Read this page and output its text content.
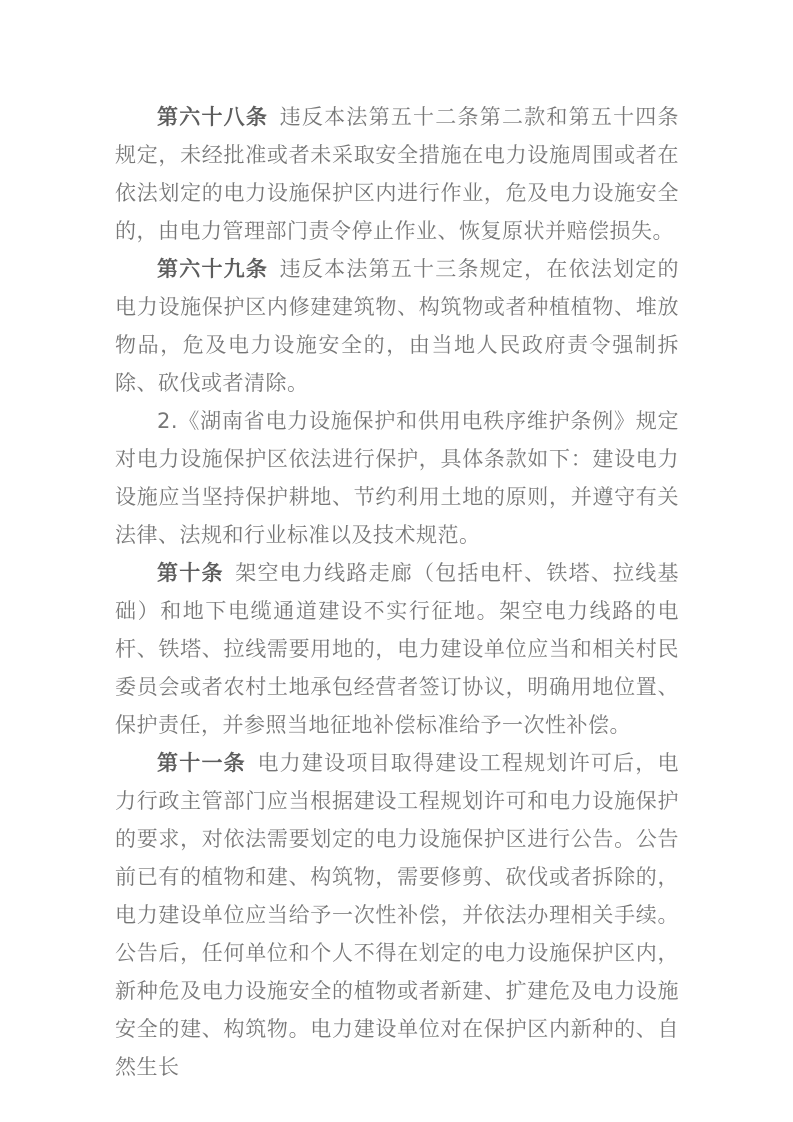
第六十八条 违反本法第五十二条第二款和第五十四条规定，未经批准或者未采取安全措施在电力设施周围或者在依法划定的电力设施保护区内进行作业，危及电力设施安全的，由电力管理部门责令停止作业、恢复原状并赔偿损失。

第六十九条 违反本法第五十三条规定，在依法划定的电力设施保护区内修建建筑物、构筑物或者种植植物、堆放物品，危及电力设施安全的，由当地人民政府责令强制拆除、砍伐或者清除。

2.《湖南省电力设施保护和供用电秩序维护条例》规定对电力设施保护区依法进行保护，具体条款如下：建设电力设施应当坚持保护耕地、节约利用土地的原则，并遵守有关法律、法规和行业标准以及技术规范。

第十条 架空电力线路走廊（包括电杆、铁塔、拉线基础）和地下电缆通道建设不实行征地。架空电力线路的电杆、铁塔、拉线需要用地的，电力建设单位应当和相关村民委员会或者农村土地承包经营者签订协议，明确用地位置、保护责任，并参照当地征地补偿标准给予一次性补偿。

第十一条 电力建设项目取得建设工程规划许可后，电力行政主管部门应当根据建设工程规划许可和电力设施保护的要求，对依法需要划定的电力设施保护区进行公告。公告前已有的植物和建、构筑物，需要修剪、砍伐或者拆除的，电力建设单位应当给予一次性补偿，并依法办理相关手续。公告后，任何单位和个人不得在划定的电力设施保护区内，新种危及电力设施安全的植物或者新建、扩建危及电力设施安全的建、构筑物。电力建设单位对在保护区内新种的、自然生长
